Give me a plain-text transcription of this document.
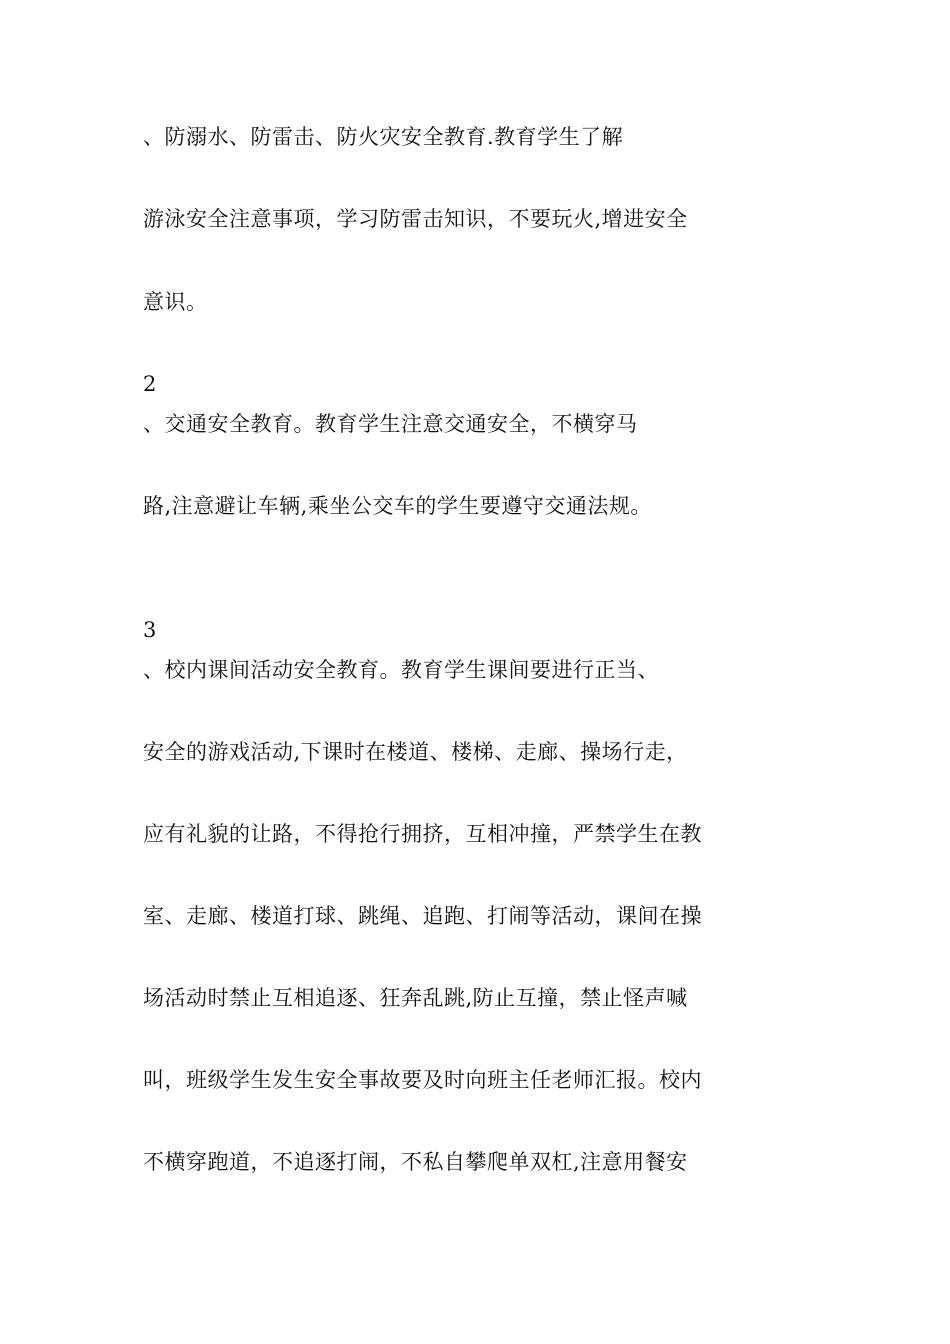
、防溺水、防雷击、防火灾安全教育.教育学生了解
游泳安全注意事项，学习防雷击知识，不要玩火,增进安全
意识。
2
、交通安全教育。教育学生注意交通安全，不横穿马
路,注意避让车辆,乘坐公交车的学生要遵守交通法规。
3
、校内课间活动安全教育。教育学生课间要进行正当、
安全的游戏活动,下课时在楼道、楼梯、走廊、操场行走，
应有礼貌的让路，不得抢行拥挤，互相冲撞，严禁学生在教
室、走廊、楼道打球、跳绳、追跑、打闹等活动，课间在操
场活动时禁止互相追逐、狂奔乱跳,防止互撞，禁止怪声喊
叫，班级学生发生安全事故要及时向班主任老师汇报。校内
不横穿跑道，不追逐打闹，不私自攀爬单双杠,注意用餐安
